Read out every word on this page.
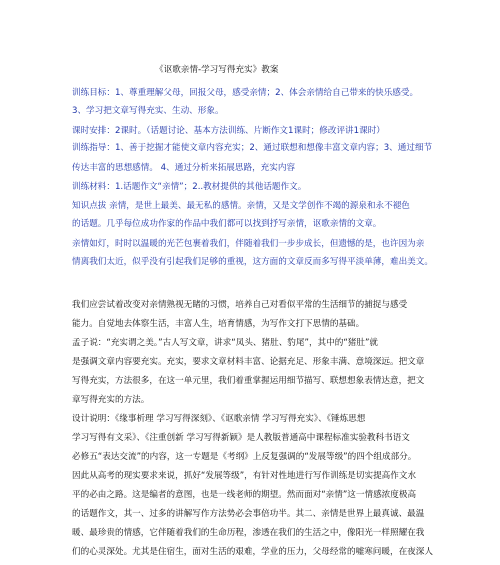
《讴歌亲情-学习写得充实》教案
训练目标：1、尊重理解父母，回报父母，感受亲情；2、体会亲情给自己带来的快乐感受。
3、学习把文章写得充实、生动、形象。
课时安排：2课时。（话题讨论、基本方法训练、片断作文1课时；修改评讲1课时）
训练指导：1、善于挖掘才能使文章内容充实；2、通过联想和想像丰富文章内容；3、通过细节
传达丰富的思想感情。 4、通过分析来拓展思路，充实内容
训练材料：1.话题作文“亲情”；2..教材提供的其他话题作文。
知识点拔 亲情，是世上最美、最无私的感情。亲情，又是文学创作不竭的源泉和永不褪色
的话题。几乎每位成功作家的作品中我们都可以找到抒写亲情，讴歌亲情的文章。
亲情如灯，时时以温暖的光芒包裹着我们，伴随着我们一步步成长，但遗憾的是，也许因为亲
情离我们太近，似乎没有引起我们足够的重视，这方面的文章反而多写得平淡单薄，难出美文。
我们应尝试着改变对亲情熟视无睹的习惯，培养自己对看似平常的生活细节的捕捉与感受
能力。自觉地去体察生活，丰富人生，培育情感，为写作文打下思情的基础。
孟子说：“充实谓之美。”古人写文章，讲求“凤头、猪肚、豹尾”，其中的“猪肚”就
是强调文章内容要充实。充实，要求文章材料丰富、论据充足、形象丰满、意境深远。把文章
写得充实，方法很多，在这一单元里，我们着重掌握运用细节描写、联想想象表情达意，把文
章写得充实的方法。
设计说明：《缘事析理 学习写得深刻》、《讴歌亲情 学习写得充实》、《锤炼思想
学习写得有文采》、《注重创新 学习写得新颖》是人教版普通高中课程标准实验教科书语文
必修五“表达交流”的内容，这一专题是《考纲》上反复强调的“发展等级”的四个组成部分。
因此从高考的现实要求来说，抓好“发展等级”，有针对性地进行写作训练是切实提高作文水
平的必由之路。这是编者的意图，也是一线老师的期望。然而面对“亲情”这一情感浓度极高
的话题作文，其一、过多的讲解写作方法势必会事倍功半。其二、亲情是世界上最真诚、最温
暖、最珍贵的情感，它伴随着我们的生命历程，渗透在我们的生活之中，像阳光一样照耀在我
们的心灵深处。尤其是住宿生，面对生活的艰难，学业的压力，父母经常的嘘寒问暖，在夜深人
